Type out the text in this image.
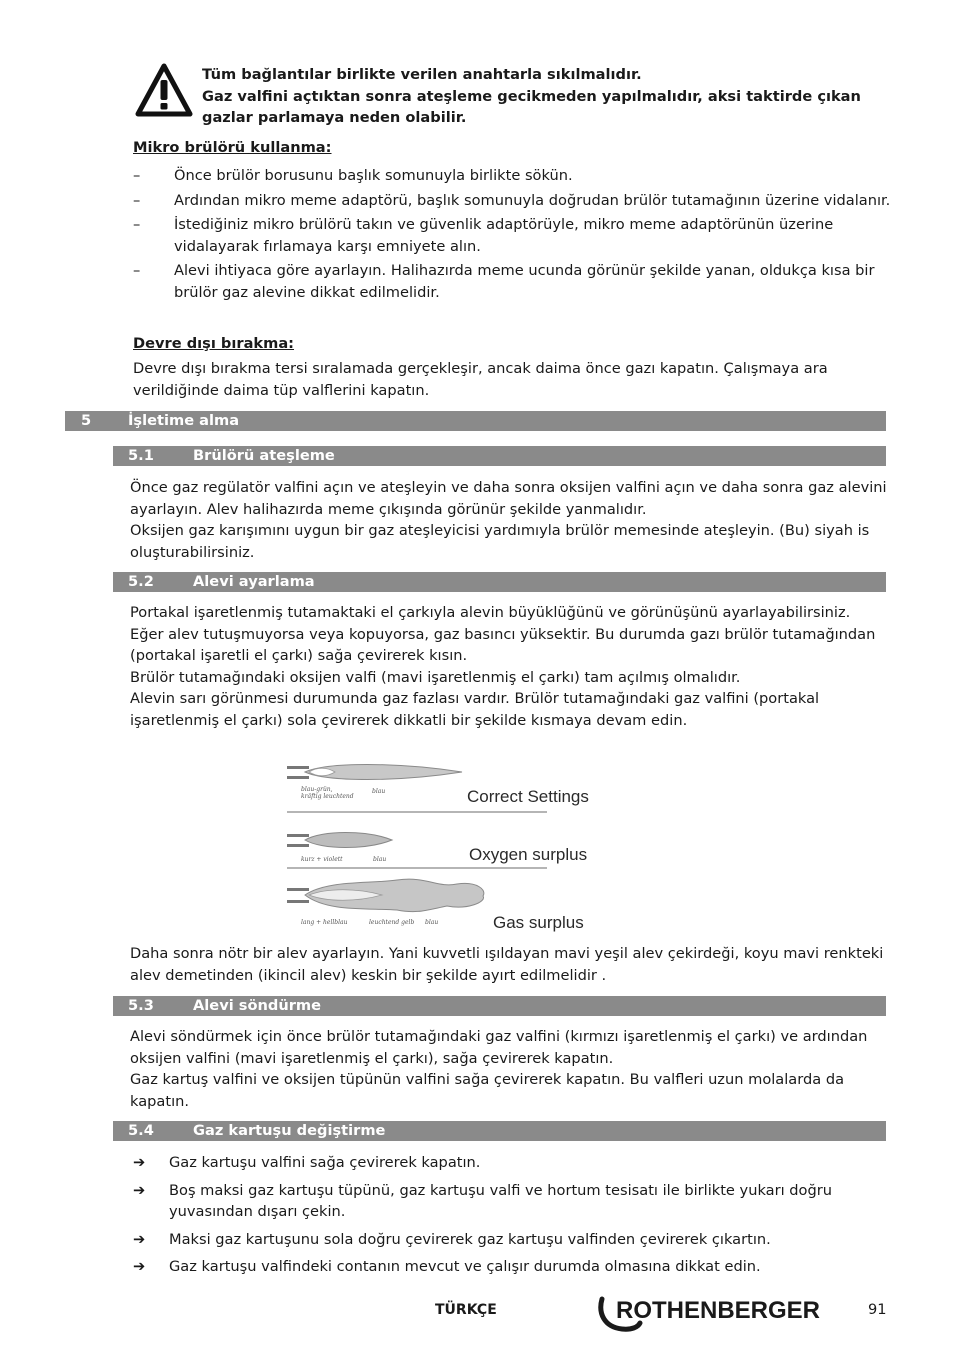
Tüm bağlantılar birlikte verilen anahtarla sıkılmalıdır.
Gaz valfini açtıktan sonra ateşleme gecikmeden yapılmalıdır, aksi taktirde çıkan gazlar parlamaya neden olabilir.
Mikro brülörü kullanma:
– Önce brülör borusunu başlık somunuyla birlikte sökün.
– Ardından mikro meme adaptörü, başlık somunuyla doğrudan brülör tutamağının üzerine vidalanır.
– İstediğiniz mikro brülörü takın ve güvenlik adaptörüyle, mikro meme adaptörünün üzerine vidalayarak fırlamaya karşı emniyete alın.
– Alevi ihtiyaca göre ayarlayın. Halihazırda meme ucunda görünür şekilde yanan, oldukça kısa bir brülör gaz alevine dikkat edilmelidir.
Devre dışı bırakma:
Devre dışı bırakma tersi sıralamada gerçekleşir, ancak daima önce gazı kapatın. Çalışmaya ara verildiğinde daima tüp valflerini kapatın.
5	İşletime alma
5.1	Brülörü ateşleme

Önce gaz regülatör valfini açın ve ateşleyin ve daha sonra oksijen valfini açın ve daha sonra gaz alevini ayarlayın. Alev halihazırda meme çıkışında görünür şekilde yanmalıdır.

Oksijen gaz karışımını uygun bir gaz ateşleyicisi yardımıyla brülör memesinde ateşleyin. (Bu) siyah is oluşturabilirsiniz.

5.2	Alevi ayarlama

Portakal işaretlenmiş tutamaktaki el çarkıyla alevin büyüklüğünü ve görünüşünü ayarlayabilirsiniz.

Eğer alev tutuşmuyorsa veya kopuyorsa, gaz basıncı yüksektir. Bu durumda gazı brülör tutamağından (portakal işaretli el çarkı) sağa çevirerek kısın.

Brülör tutamağındaki oksijen valfi (mavi işaretlenmiş el çarkı) tam açılmış olmalıdır.

Alevin sarı görünmesi durumunda gaz fazlası vardır. Brülör tutamağındaki gaz valfini (portakal işaretlenmiş el çarkı) sola çevirerek dikkatli bir şekilde kısmaya devam edin.

blau-grün,
kräftig leuchtend
blau	Correct Settings
kurz + violett	blau	Oxygen surplus
lang + hellblau	leuchtend gelb blau	Gas surplus

Daha sonra nötr bir alev ayarlayın. Yani kuvvetli ışıldayan mavi yeşil alev çekirdeği, koyu mavi renkteki alev demetinden (ikincil alev) keskin bir şekilde ayırt edilmelidir .

5.3	Alevi söndürme

Alevi söndürmek için önce brülör tutamağındaki gaz valfini (kırmızı işaretlenmiş el çarkı) ve ardından oksijen valfini (mavi işaretlenmiş el çarkı), sağa çevirerek kapatın.

Gaz kartuş valfini ve oksijen tüpünün valfini sağa çevirerek kapatın. Bu valfleri uzun molalarda da kapatın.

5.4	Gaz kartuşu değiştirme
➔ Gaz kartuşu valfini sağa çevirerek kapatın.
➔ Boş maksi gaz kartuşu tüpünü, gaz kartuşu valfi ve hortum tesisatı ile birlikte yukarı doğru yuvasından dışarı çekin.
➔ Maksi gaz kartuşunu sola doğru çevirerek gaz kartuşu valfinden çevirerek çıkartın.
➔ Gaz kartuşu valfindeki contanın mevcut ve çalışır durumda olmasına dikkat edin.
TÜRKÇE	ROTHENBERGER	91
